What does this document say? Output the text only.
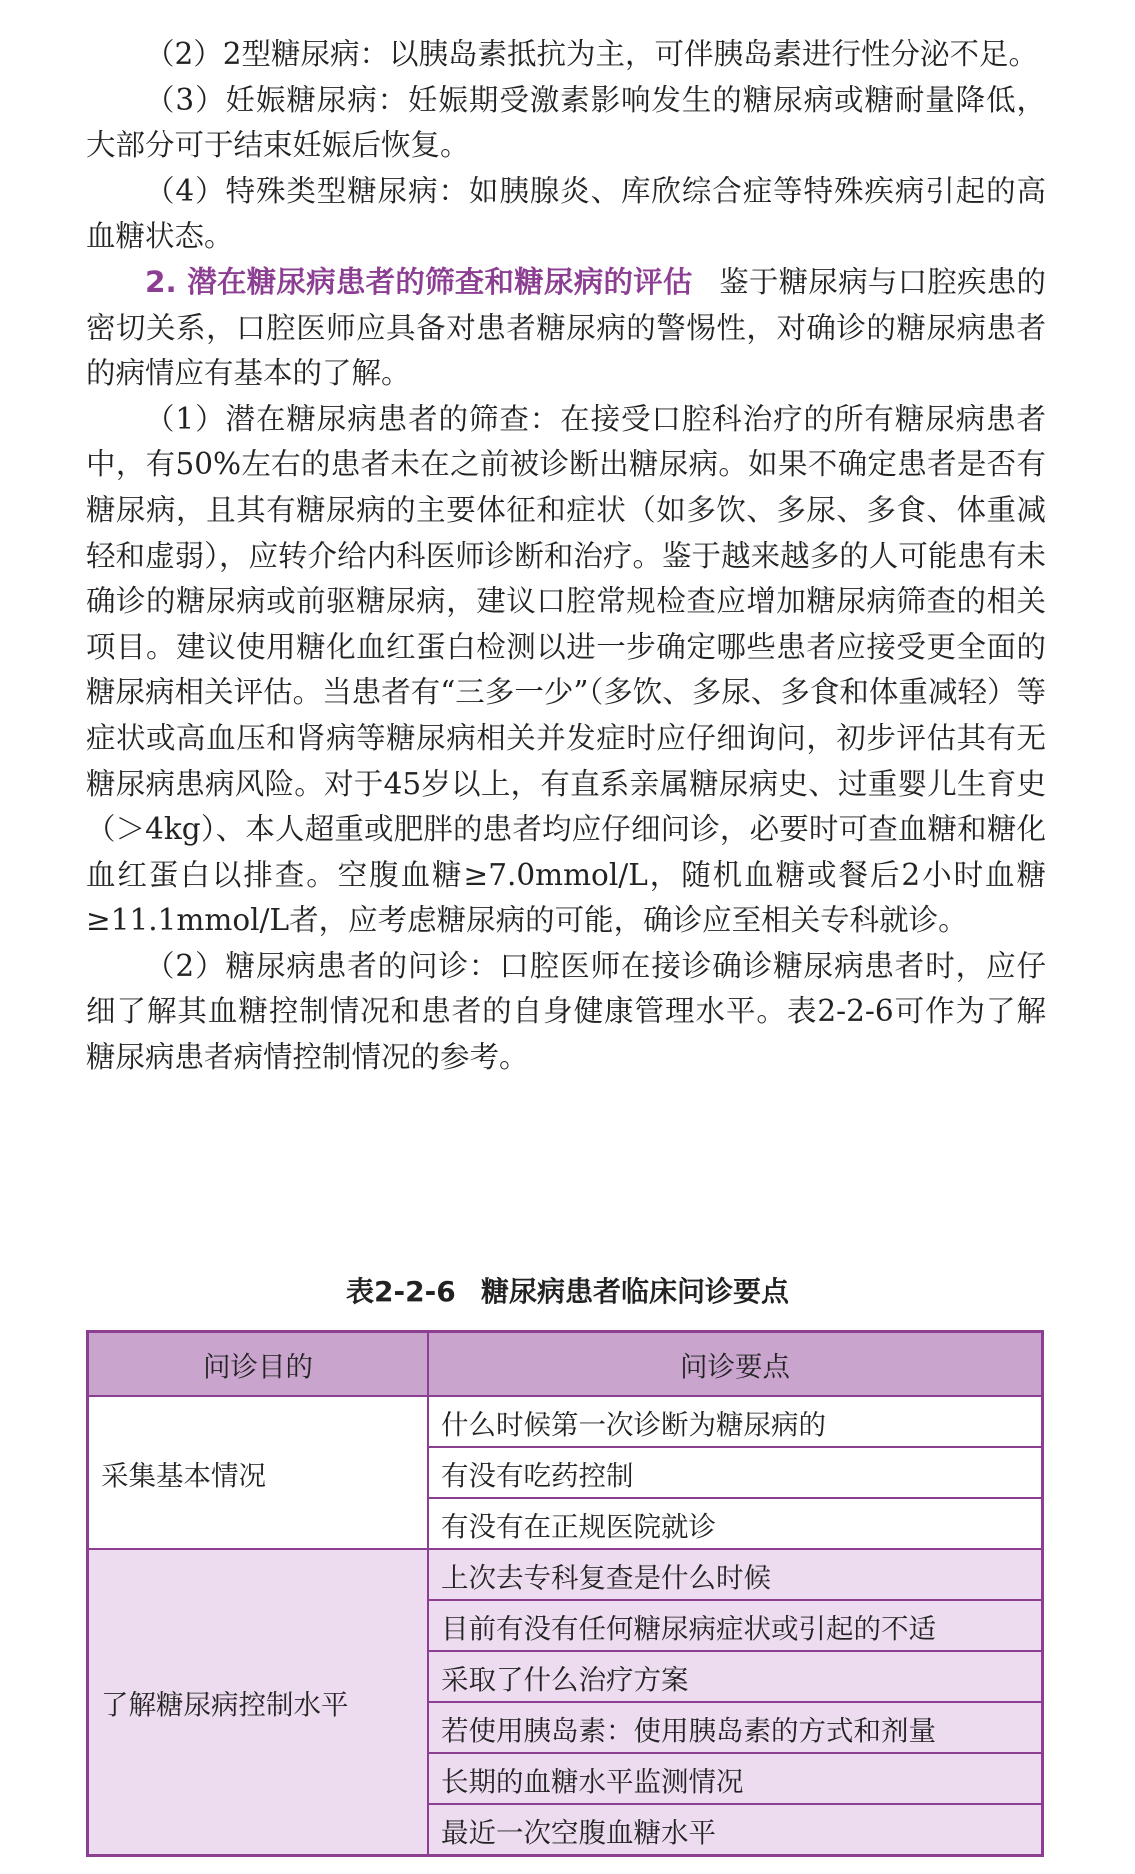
（2）2型糖尿病：以胰岛素抵抗为主，可伴胰岛素进行性分泌不足。

（3）妊娠糖尿病：妊娠期受激素影响发生的糖尿病或糖耐量降低，大部分可于结束妊娠后恢复。

（4）特殊类型糖尿病：如胰腺炎、库欣综合症等特殊疾病引起的高血糖状态。

2. 潜在糖尿病患者的筛查和糖尿病的评估 鉴于糖尿病与口腔疾患的密切关系，口腔医师应具备对患者糖尿病的警惕性，对确诊的糖尿病患者的病情应有基本的了解。

（1）潜在糖尿病患者的筛查：在接受口腔科治疗的所有糖尿病患者中，有50%左右的患者未在之前被诊断出糖尿病。如果不确定患者是否有糖尿病，且其有糖尿病的主要体征和症状（如多饮、多尿、多食、体重减轻和虚弱），应转介给内科医师诊断和治疗。鉴于越来越多的人可能患有未确诊的糖尿病或前驱糖尿病，建议口腔常规检查应增加糖尿病筛查的相关项目。建议使用糖化血红蛋白检测以进一步确定哪些患者应接受更全面的糖尿病相关评估。当患者有“三多一少”（多饮、多尿、多食和体重减轻）等症状或高血压和肾病等糖尿病相关并发症时应仔细询问，初步评估其有无糖尿病患病风险。对于45岁以上，有直系亲属糖尿病史、过重婴儿生育史（＞4kg）、本人超重或肥胖的患者均应仔细问诊，必要时可查血糖和糖化血红蛋白以排查。空腹血糖≥7.0mmol/L，随机血糖或餐后2小时血糖≥11.1mmol/L者，应考虑糖尿病的可能，确诊应至相关专科就诊。

（2）糖尿病患者的问诊：口腔医师在接诊确诊糖尿病患者时，应仔细了解其血糖控制情况和患者的自身健康管理水平。表2-2-6可作为了解糖尿病患者病情控制情况的参考。

表2-2-6 糖尿病患者临床问诊要点
问诊目的	问诊要点
采集基本情况	什么时候第一次诊断为糖尿病的
	有没有吃药控制
	有没有在正规医院就诊
了解糖尿病控制水平	上次去专科复查是什么时候
	目前有没有任何糖尿病症状或引起的不适
	采取了什么治疗方案
	若使用胰岛素：使用胰岛素的方式和剂量
	长期的血糖水平监测情况
	最近一次空腹血糖水平
